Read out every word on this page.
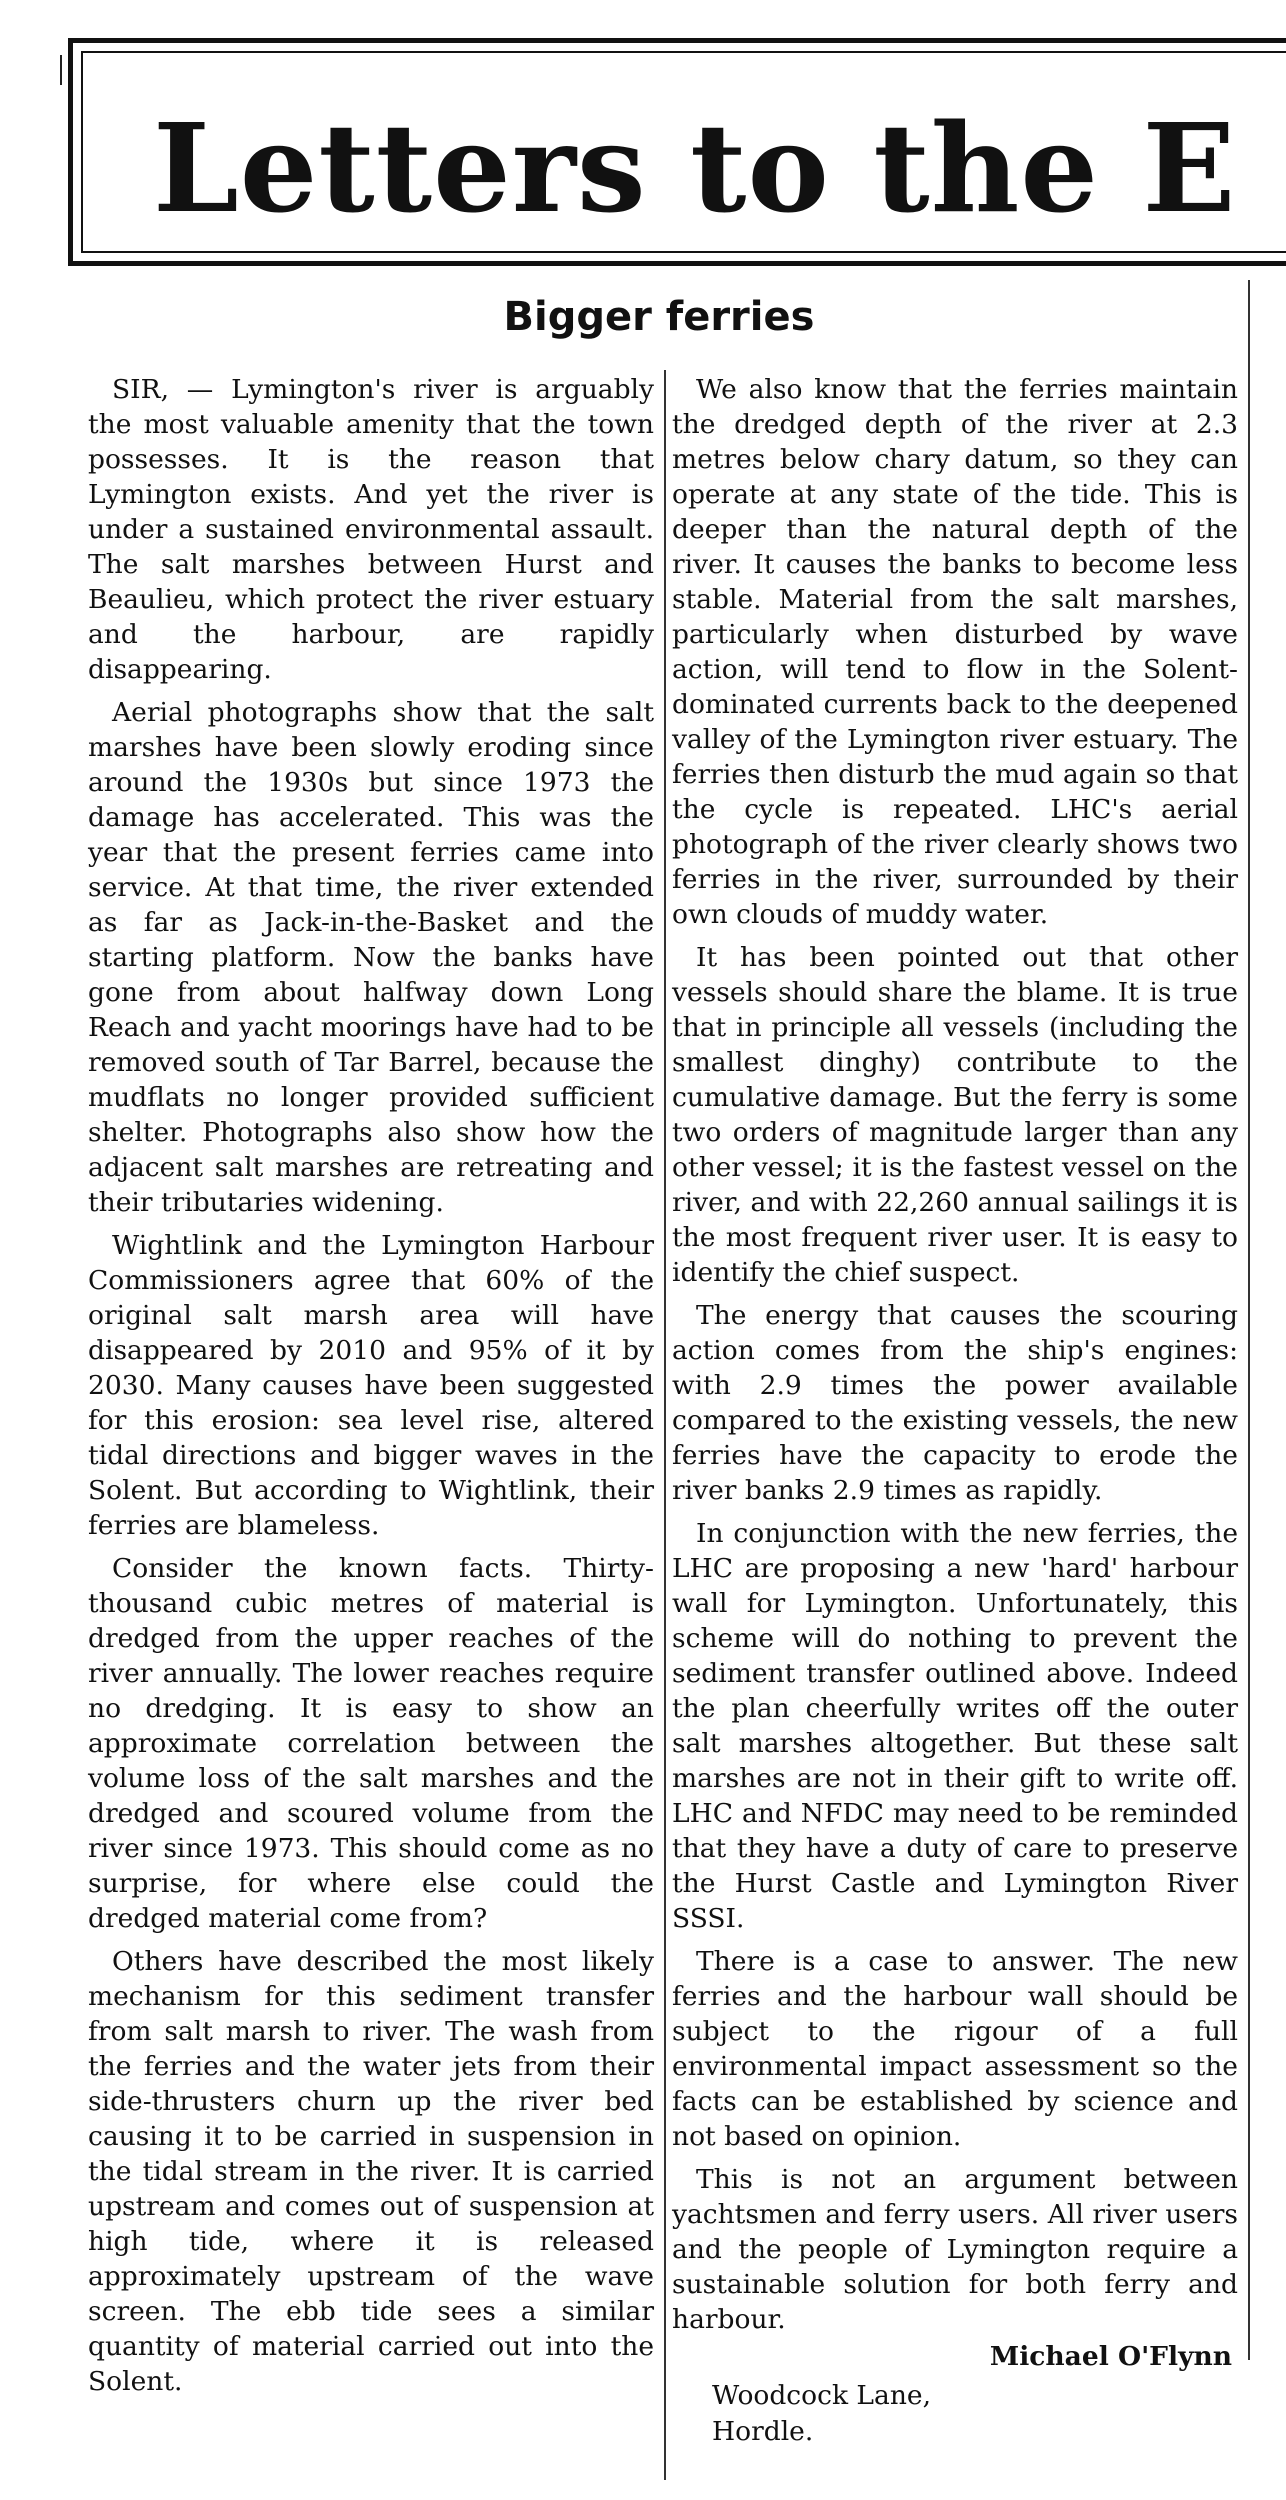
Letters to the E
Bigger ferries

SIR, — Lymington's river is arguably the most valuable amenity that the town possesses. It is the reason that Lymington exists. And yet the river is under a sustained environmental assault. The salt marshes between Hurst and Beaulieu, which protect the river estuary and the harbour, are rapidly disappearing.

Aerial photographs show that the salt marshes have been slowly eroding since around the 1930s but since 1973 the damage has accelerated. This was the year that the present ferries came into service. At that time, the river extended as far as Jack-in-the-Basket and the starting platform. Now the banks have gone from about halfway down Long Reach and yacht moorings have had to be removed south of Tar Barrel, because the mudflats no longer provided sufficient shelter. Photographs also show how the adjacent salt marshes are retreating and their tributaries widening.

Wightlink and the Lymington Harbour Commissioners agree that 60% of the original salt marsh area will have disappeared by 2010 and 95% of it by 2030. Many causes have been suggested for this erosion: sea level rise, altered tidal directions and bigger waves in the Solent. But according to Wightlink, their ferries are blameless.

Consider the known facts. Thirty-thousand cubic metres of material is dredged from the upper reaches of the river annually. The lower reaches require no dredging. It is easy to show an approximate correlation between the volume loss of the salt marshes and the dredged and scoured volume from the river since 1973. This should come as no surprise, for where else could the dredged material come from?

Others have described the most likely mechanism for this sediment transfer from salt marsh to river. The wash from the ferries and the water jets from their side-thrusters churn up the river bed causing it to be carried in suspension in the tidal stream in the river. It is carried upstream and comes out of suspension at high tide, where it is released approximately upstream of the wave screen. The ebb tide sees a similar quantity of material carried out into the Solent.

We also know that the ferries maintain the dredged depth of the river at 2.3 metres below chary datum, so they can operate at any state of the tide. This is deeper than the natural depth of the river. It causes the banks to become less stable. Material from the salt marshes, particularly when disturbed by wave action, will tend to flow in the Solent-dominated currents back to the deepened valley of the Lymington river estuary. The ferries then disturb the mud again so that the cycle is repeated. LHC's aerial photograph of the river clearly shows two ferries in the river, surrounded by their own clouds of muddy water.

It has been pointed out that other vessels should share the blame. It is true that in principle all vessels (including the smallest dinghy) contribute to the cumulative damage. But the ferry is some two orders of magnitude larger than any other vessel; it is the fastest vessel on the river, and with 22,260 annual sailings it is the most frequent river user. It is easy to identify the chief suspect.

The energy that causes the scouring action comes from the ship's engines: with 2.9 times the power available compared to the existing vessels, the new ferries have the capacity to erode the river banks 2.9 times as rapidly.

In conjunction with the new ferries, the LHC are proposing a new 'hard' harbour wall for Lymington. Unfortunately, this scheme will do nothing to prevent the sediment transfer outlined above. Indeed the plan cheerfully writes off the outer salt marshes altogether. But these salt marshes are not in their gift to write off. LHC and NFDC may need to be reminded that they have a duty of care to preserve the Hurst Castle and Lymington River SSSI.

There is a case to answer. The new ferries and the harbour wall should be subject to the rigour of a full environmental impact assessment so the facts can be established by science and not based on opinion.

This is not an argument between yachtsmen and ferry users. All river users and the people of Lymington require a sustainable solution for both ferry and harbour.

Michael O'Flynn
Woodcock Lane,
Hordle.
